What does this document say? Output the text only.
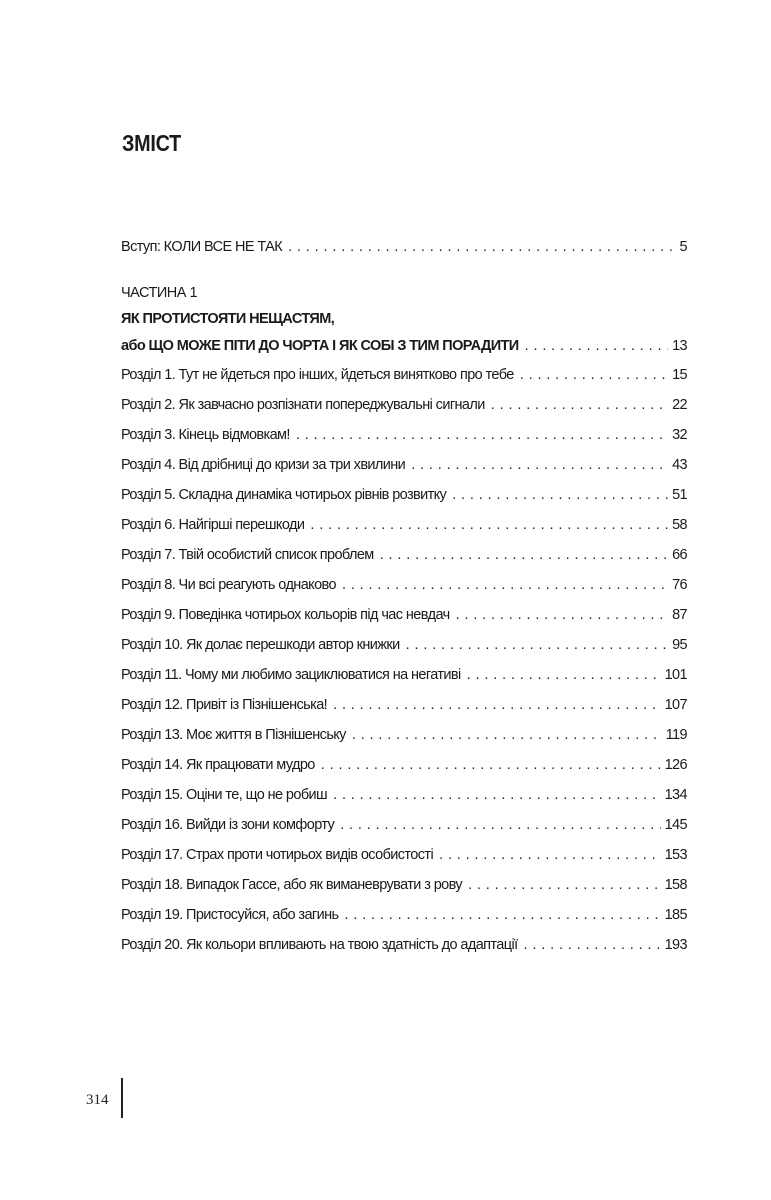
ЗМІСТ
Вступ: КОЛИ ВСЕ НЕ ТАК . . .	5
ЧАСТИНА 1
ЯК ПРОТИСТОЯТИ НЕЩАСТЯМ,
або ЩО МОЖЕ ПІТИ ДО ЧОРТА І ЯК СОБІ З ТИМ ПОРАДИТИ . . .	13
Розділ 1. Тут не йдеться про інших, йдеться винятково про тебе . . .	15
Розділ 2. Як завчасно розпізнати попереджувальні сигнали . . .	22
Розділ 3. Кінець відмовкам! . . .	32
Розділ 4. Від дрібниці до кризи за три хвилини . . .	43
Розділ 5. Складна динаміка чотирьох рівнів розвитку . . .	51
Розділ 6. Найгірші перешкоди . . .	58
Розділ 7. Твій особистий список проблем . . .	66
Розділ 8. Чи всі реагують однаково . . .	76
Розділ 9. Поведінка чотирьох кольорів під час невдач . . .	87
Розділ 10. Як долає перешкоди автор книжки . . .	95
Розділ 11. Чому ми любимо зациклюватися на негативі . . .	101
Розділ 12. Привіт із Пізнішенська! . . .	107
Розділ 13. Моє життя в Пізнішенську . . .	119
Розділ 14. Як працювати мудро . . .	126
Розділ 15. Оціни те, що не робиш . . .	134
Розділ 16. Вийди із зони комфорту . . .	145
Розділ 17. Страх проти чотирьох видів особистості . . .	153
Розділ 18. Випадок Гассе, або як виманеврувати з рову . . .	158
Розділ 19. Пристосуйся, або загинь . . .	185
Розділ 20. Як кольори впливають на твою здатність до адаптації . . .	193
314
